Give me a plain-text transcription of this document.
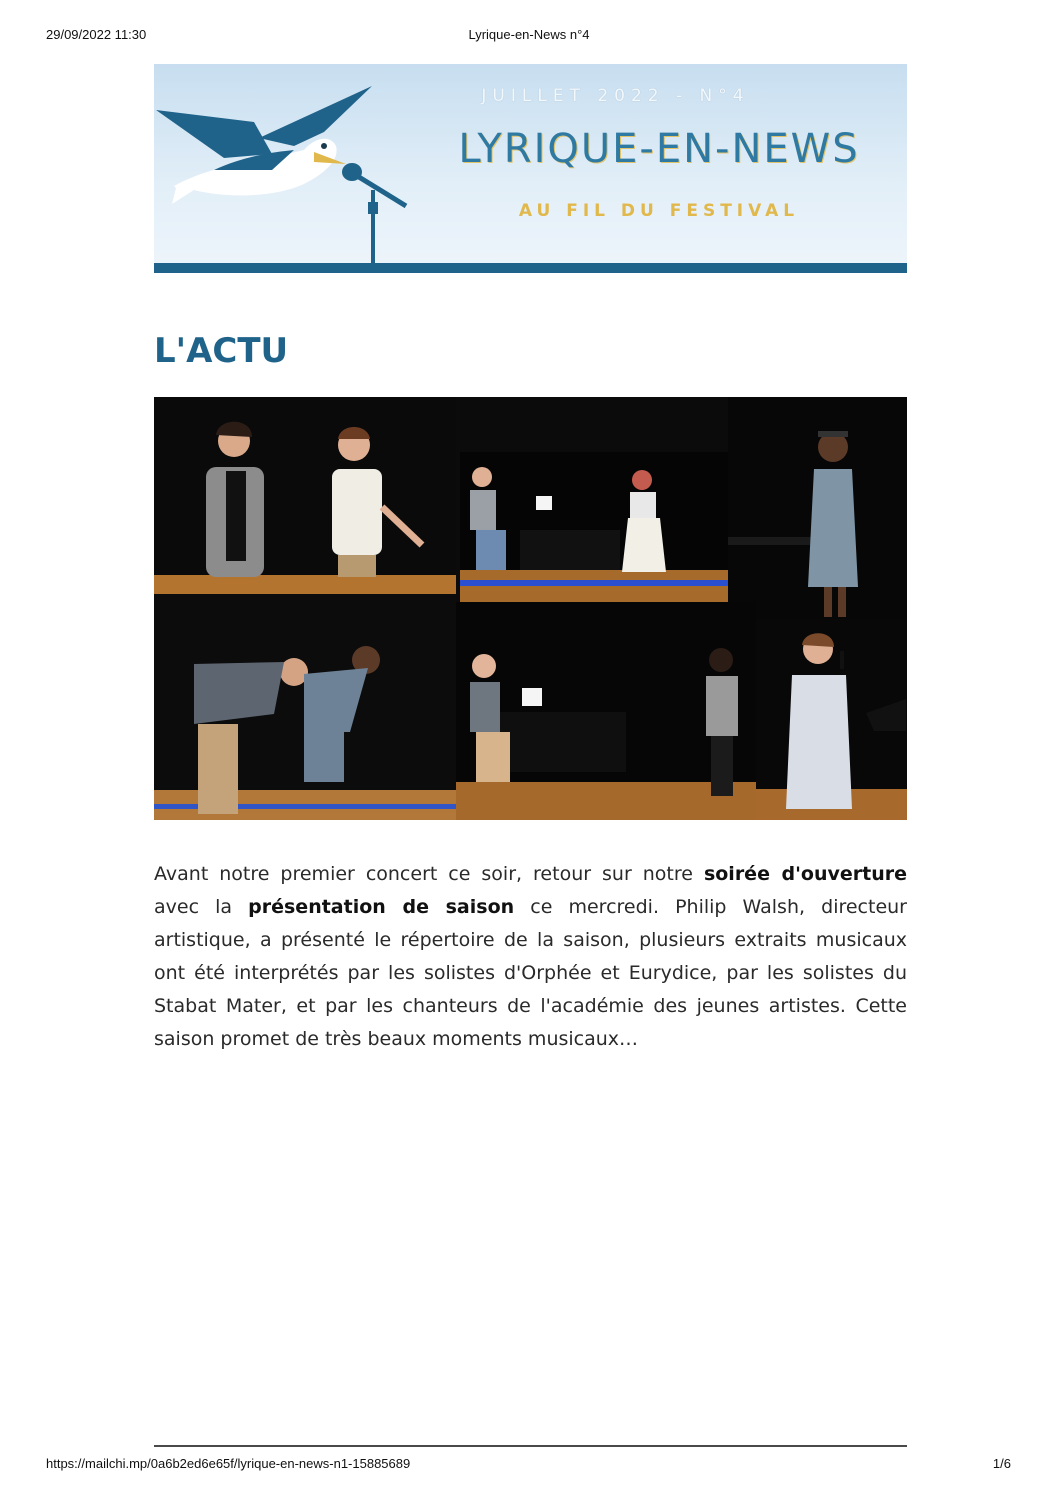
29/09/2022 11:30	Lyrique-en-News n°4
JUILLET 2022 - N°4
LYRIQUE-EN-NEWS
AU FIL DU FESTIVAL
L'ACTU

Avant notre premier concert ce soir, retour sur notre soirée d'ouverture avec la présentation de saison ce mercredi. Philip Walsh, directeur artistique, a présenté le répertoire de la saison, plusieurs extraits musicaux ont été interprétés par les solistes d'Orphée et Eurydice, par les solistes du Stabat Mater, et par les chanteurs de l'académie des jeunes artistes. Cette saison promet de très beaux moments musicaux…

https://mailchi.mp/0a6b2ed6e65f/lyrique-en-news-n1-15885689	1/6
